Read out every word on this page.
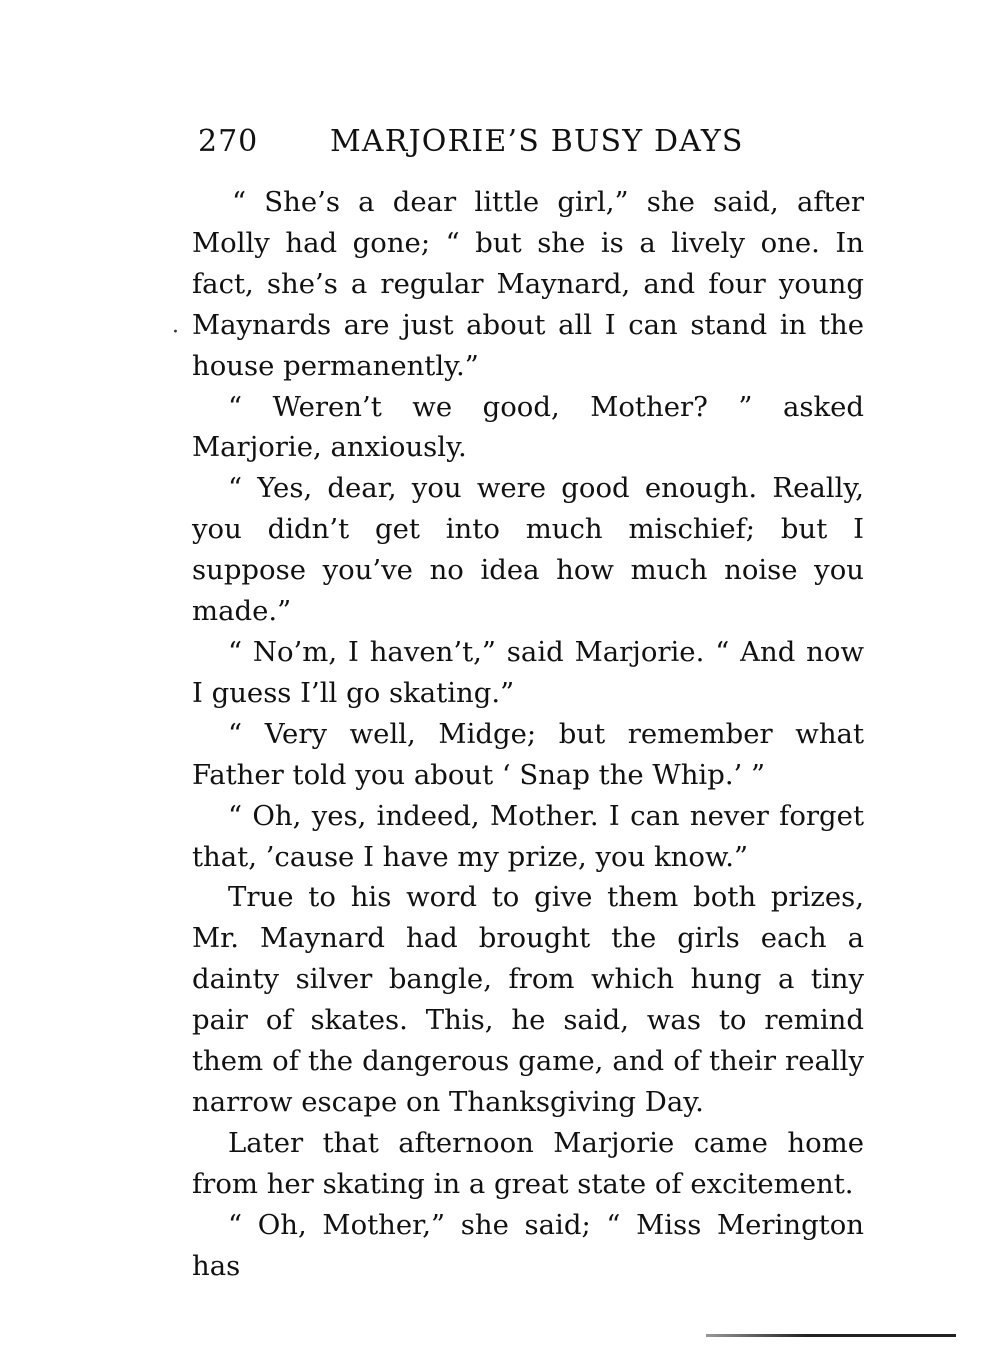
270 MARJORIE’S BUSY DAYS
·

“ She’s a dear little girl,” she said, after Molly had gone; “ but she is a lively one. In fact, she’s a regular Maynard, and four young Maynards are just about all I can stand in the house permanently.”

“ Weren’t we good, Mother? ” asked Marjorie, anxiously.

“ Yes, dear, you were good enough. Really, you didn’t get into much mischief; but I suppose you’ve no idea how much noise you made.”

“ No’m, I haven’t,” said Marjorie. “ And now I guess I’ll go skating.”

“ Very well, Midge; but remember what Father told you about ‘ Snap the Whip.’ ”

“ Oh, yes, indeed, Mother. I can never forget that, ’cause I have my prize, you know.”

True to his word to give them both prizes, Mr. Maynard had brought the girls each a dainty silver bangle, from which hung a tiny pair of skates. This, he said, was to remind them of the dangerous game, and of their really narrow escape on Thanksgiving Day.

Later that afternoon Marjorie came home from her skating in a great state of excitement.

“ Oh, Mother,” she said; “ Miss Merington has
